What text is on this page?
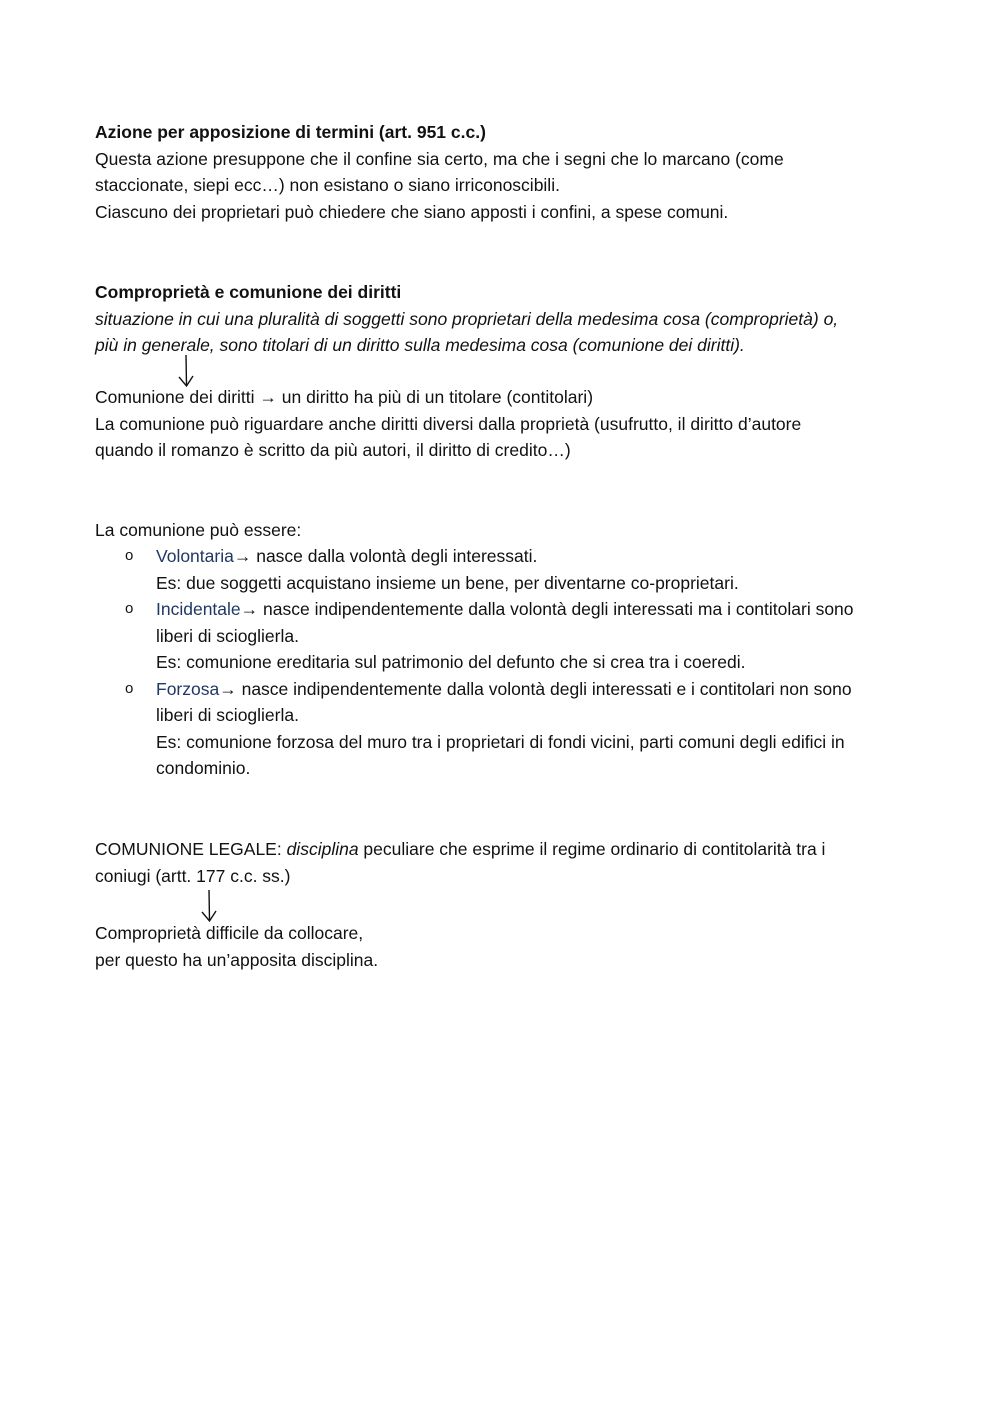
Azione per apposizione di termini (art. 951 c.c.)
Questa azione presuppone che il confine sia certo, ma che i segni che lo marcano (come
staccionate, siepi ecc…) non esistano o siano irriconoscibili.
Ciascuno dei proprietari può chiedere che siano apposti i confini, a spese comuni.
Comproprietà e comunione dei diritti
situazione in cui una pluralità di soggetti sono proprietari della medesima cosa (comproprietà) o,
più in generale, sono titolari di un diritto sulla medesima cosa (comunione dei diritti).
Comunione dei diritti → un diritto ha più di un titolare (contitolari)
La comunione può riguardare anche diritti diversi dalla proprietà (usufrutto, il diritto d’autore
quando il romanzo è scritto da più autori, il diritto di credito…)
La comunione può essere:
o Volontaria→ nasce dalla volontà degli interessati.
Es: due soggetti acquistano insieme un bene, per diventarne co-proprietari.
o Incidentale→ nasce indipendentemente dalla volontà degli interessati ma i contitolari sono
liberi di scioglierla.
Es: comunione ereditaria sul patrimonio del defunto che si crea tra i coeredi.
o Forzosa→ nasce indipendentemente dalla volontà degli interessati e i contitolari non sono
liberi di scioglierla.
Es: comunione forzosa del muro tra i proprietari di fondi vicini, parti comuni degli edifici in
condominio.
COMUNIONE LEGALE: disciplina peculiare che esprime il regime ordinario di contitolarità tra i
coniugi (artt. 177 c.c. ss.)
Comproprietà difficile da collocare,
per questo ha un’apposita disciplina.
